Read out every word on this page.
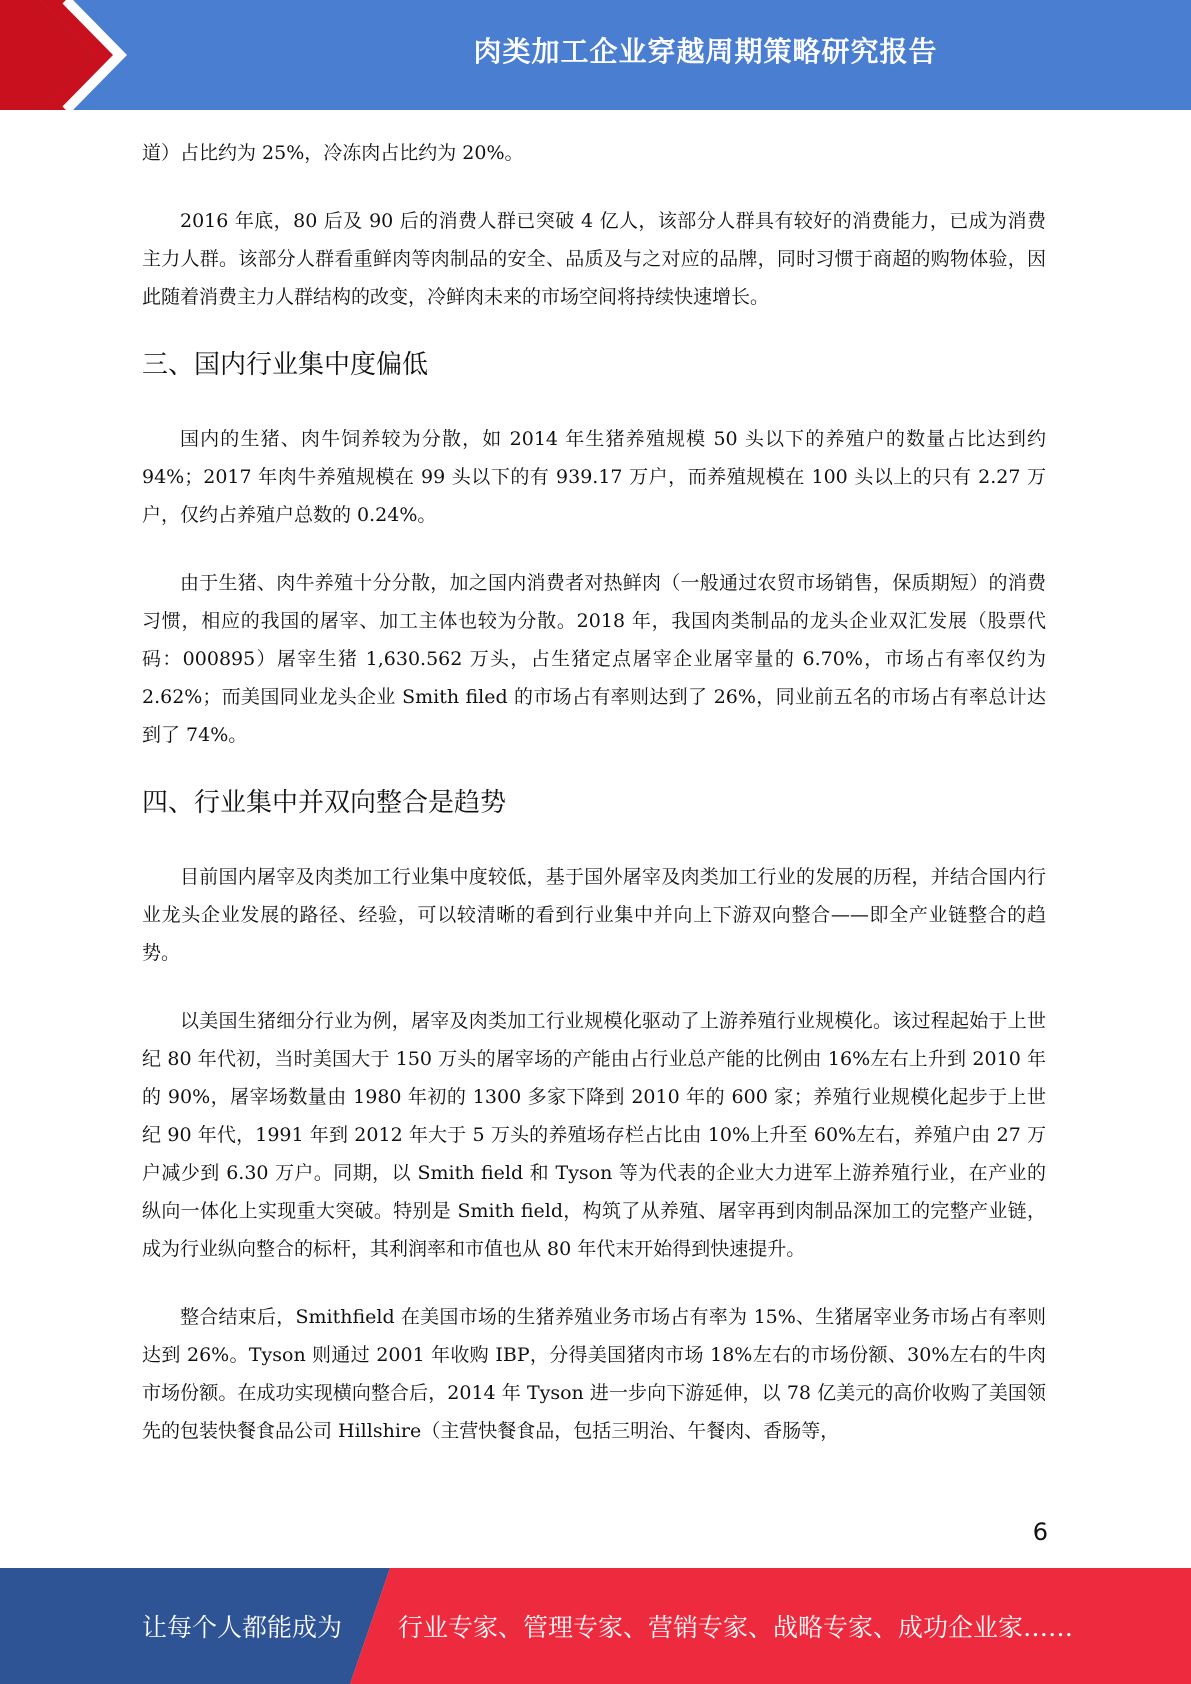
肉类加工企业穿越周期策略研究报告

道）占比约为 25%，冷冻肉占比约为 20%。

2016 年底，80 后及 90 后的消费人群已突破 4 亿人，该部分人群具有较好的消费能力，已成为消费主力人群。该部分人群看重鲜肉等肉制品的安全、品质及与之对应的品牌，同时习惯于商超的购物体验，因此随着消费主力人群结构的改变，冷鲜肉未来的市场空间将持续快速增长。

三、国内行业集中度偏低

国内的生猪、肉牛饲养较为分散，如 2014 年生猪养殖规模 50 头以下的养殖户的数量占比达到约 94%；2017 年肉牛养殖规模在 99 头以下的有 939.17 万户，而养殖规模在 100 头以上的只有 2.27 万户，仅约占养殖户总数的 0.24%。

由于生猪、肉牛养殖十分分散，加之国内消费者对热鲜肉（一般通过农贸市场销售，保质期短）的消费习惯，相应的我国的屠宰、加工主体也较为分散。2018 年，我国肉类制品的龙头企业双汇发展（股票代码：000895）屠宰生猪 1,630.562 万头，占生猪定点屠宰企业屠宰量的 6.70%，市场占有率仅约为 2.62%；而美国同业龙头企业 Smith filed 的市场占有率则达到了 26%，同业前五名的市场占有率总计达到了 74%。

四、行业集中并双向整合是趋势

目前国内屠宰及肉类加工行业集中度较低，基于国外屠宰及肉类加工行业的发展的历程，并结合国内行业龙头企业发展的路径、经验，可以较清晰的看到行业集中并向上下游双向整合——即全产业链整合的趋势。

以美国生猪细分行业为例，屠宰及肉类加工行业规模化驱动了上游养殖行业规模化。该过程起始于上世纪 80 年代初，当时美国大于 150 万头的屠宰场的产能由占行业总产能的比例由 16%左右上升到 2010 年的 90%，屠宰场数量由 1980 年初的 1300 多家下降到 2010 年的 600 家；养殖行业规模化起步于上世纪 90 年代，1991 年到 2012 年大于 5 万头的养殖场存栏占比由 10%上升至 60%左右，养殖户由 27 万户减少到 6.30 万户。同期，以 Smith field 和 Tyson 等为代表的企业大力进军上游养殖行业，在产业的纵向一体化上实现重大突破。特别是 Smith field，构筑了从养殖、屠宰再到肉制品深加工的完整产业链，成为行业纵向整合的标杆，其利润率和市值也从 80 年代末开始得到快速提升。

整合结束后，Smithfield 在美国市场的生猪养殖业务市场占有率为 15%、生猪屠宰业务市场占有率则达到 26%。Tyson 则通过 2001 年收购 IBP，分得美国猪肉市场 18%左右的市场份额、30%左右的牛肉市场份额。在成功实现横向整合后，2014 年 Tyson 进一步向下游延伸，以 78 亿美元的高价收购了美国领先的包装快餐食品公司 Hillshire（主营快餐食品，包括三明治、午餐肉、香肠等，

6
让每个人都能成为 行业专家、管理专家、营销专家、战略专家、成功企业家……
